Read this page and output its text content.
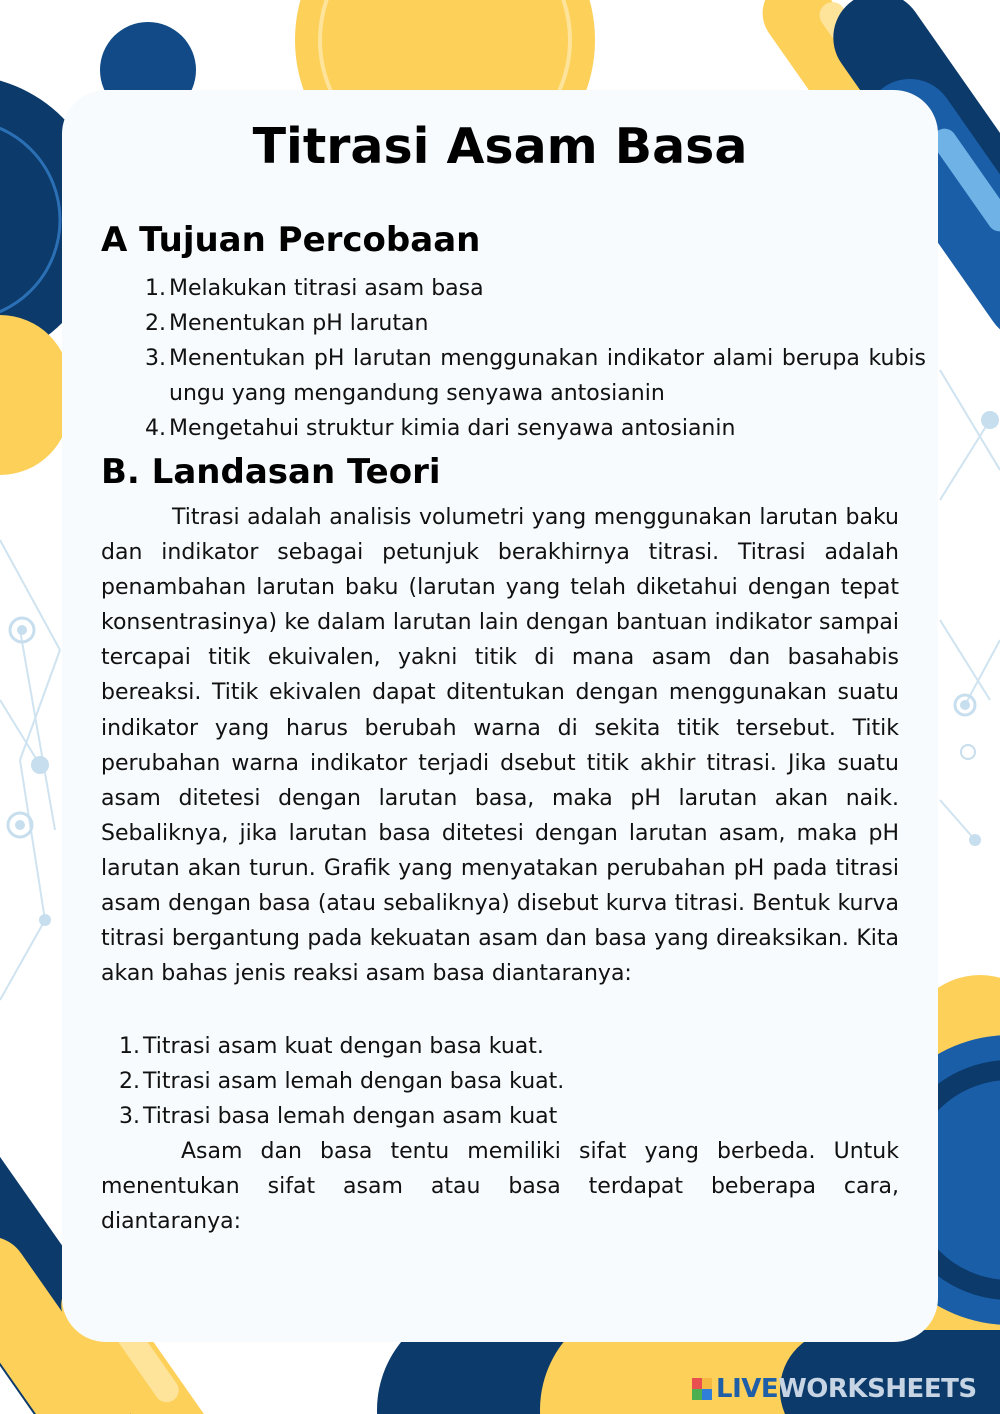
Titrasi Asam Basa
A Tujuan Percobaan
1. Melakukan titrasi asam basa
2. Menentukan pH larutan
3. Menentukan pH larutan menggunakan indikator alami berupa kubis ungu yang mengandung senyawa antosianin
4. Mengetahui struktur kimia dari senyawa antosianin
B. Landasan Teori

Titrasi adalah analisis volumetri yang menggunakan larutan baku dan indikator sebagai petunjuk berakhirnya titrasi. Titrasi adalah penambahan larutan baku (larutan yang telah diketahui dengan tepat konsentrasinya) ke dalam larutan lain dengan bantuan indikator sampai tercapai titik ekuivalen, yakni titik di mana asam dan basahabis bereaksi. Titik ekivalen dapat ditentukan dengan menggunakan suatu indikator yang harus berubah warna di sekita titik tersebut. Titik perubahan warna indikator terjadi dsebut titik akhir titrasi. Jika suatu asam ditetesi dengan larutan basa, maka pH larutan akan naik. Sebaliknya, jika larutan basa ditetesi dengan larutan asam, maka pH larutan akan turun. Grafik yang menyatakan perubahan pH pada titrasi asam dengan basa (atau sebaliknya) disebut kurva titrasi. Bentuk kurva titrasi bergantung pada kekuatan asam dan basa yang direaksikan. Kita akan bahas jenis reaksi asam basa diantaranya:

1. Titrasi asam kuat dengan basa kuat.
2. Titrasi asam lemah dengan basa kuat.
3. Titrasi basa lemah dengan asam kuat

Asam dan basa tentu memiliki sifat yang berbeda. Untuk menentukan sifat asam atau basa terdapat beberapa cara, diantaranya:

LIVE WORKSHEETS
